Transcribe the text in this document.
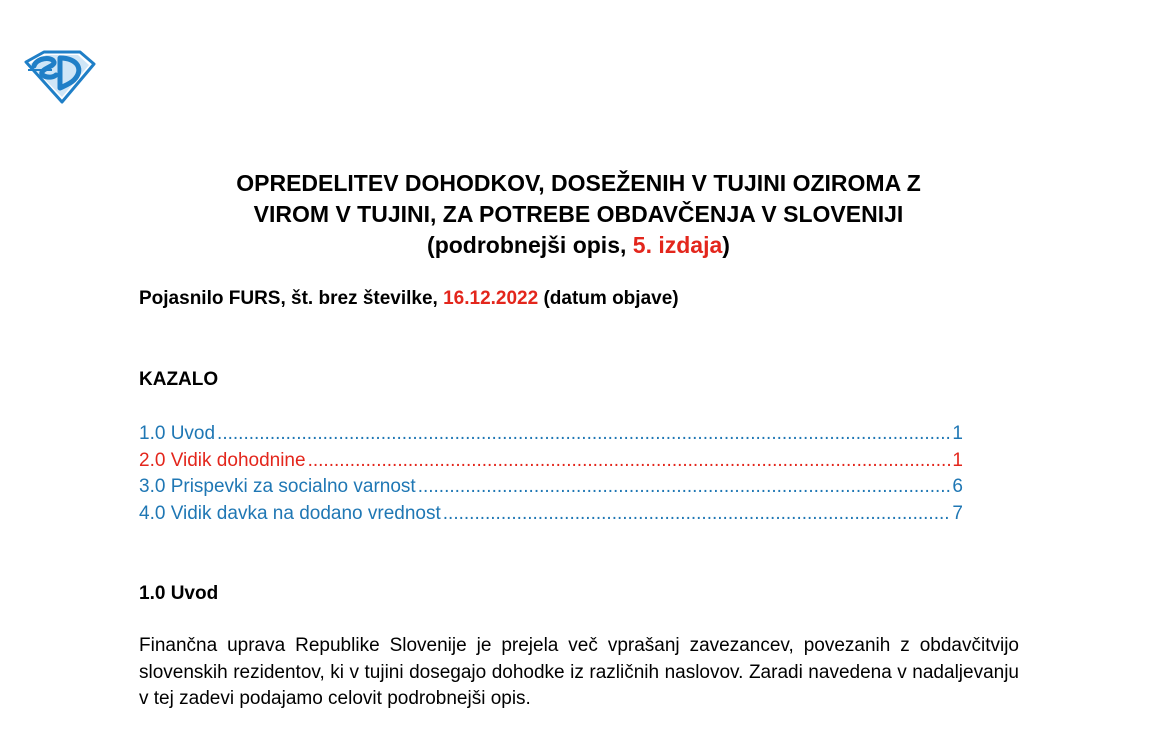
OPREDELITEV DOHODKOV, DOSEŽENIH V TUJINI OZIROMA Z
VIROM V TUJINI, ZA POTREBE OBDAVČENJA V SLOVENIJI
(podrobnejši opis, 5. izdaja)
Pojasnilo FURS, št. brez številke, 16.12.2022 (datum objave)
KAZALO
1.0 Uvod .....	1
2.0 Vidik dohodnine .....	1
3.0 Prispevki za socialno varnost .....	6
4.0 Vidik davka na dodano vrednost .....	7
1.0 Uvod
Finančna uprava Republike Slovenije je prejela več vprašanj zavezancev, povezanih z obdavčitvijo slovenskih rezidentov, ki v tujini dosegajo dohodke iz različnih naslovov. Zaradi navedena v nadaljevanju v tej zadevi podajamo celovit podrobnejši opis.
